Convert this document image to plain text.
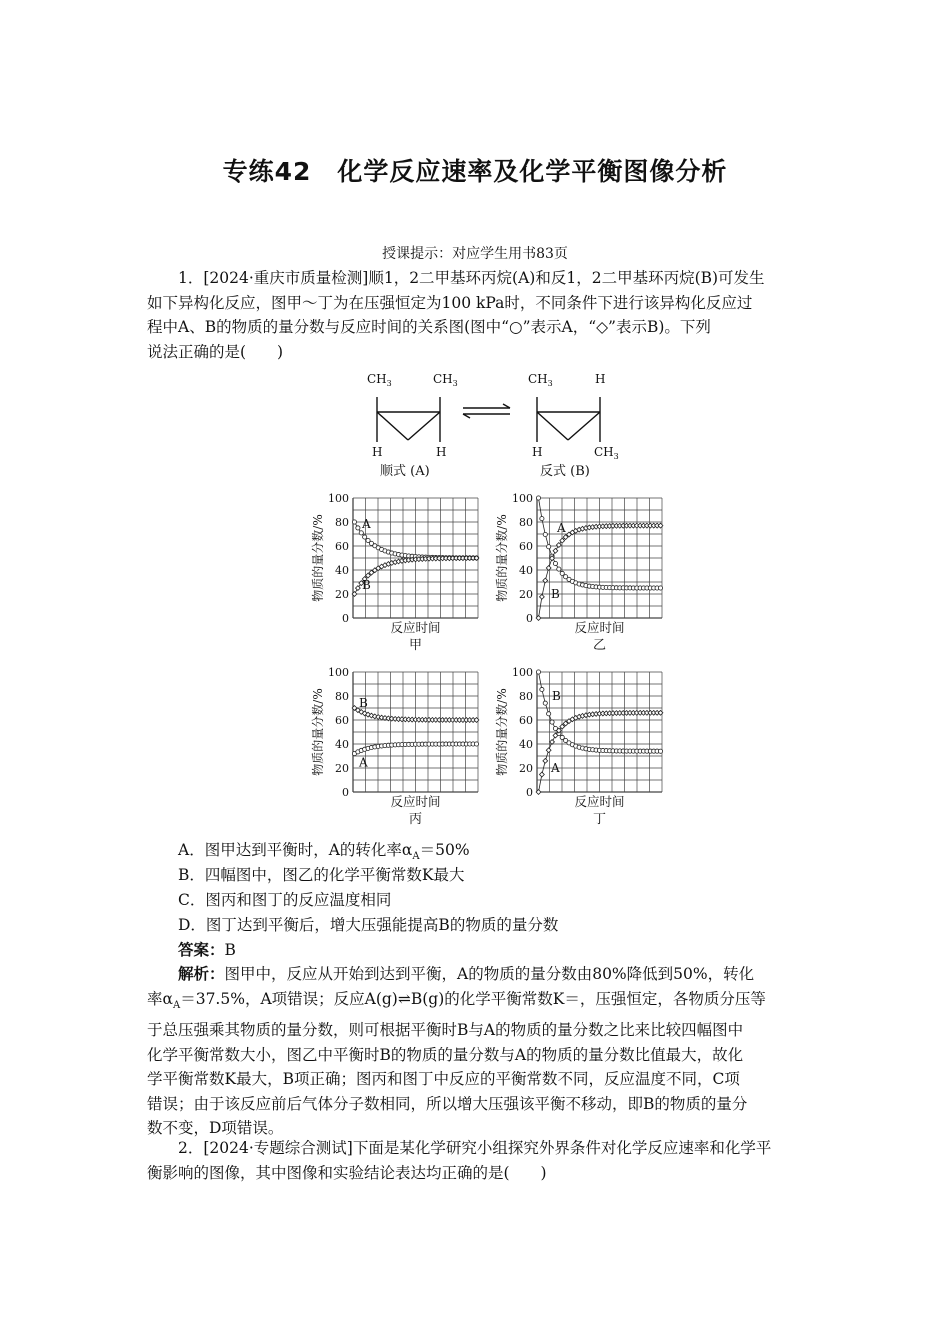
专练42　化学反应速率及化学平衡图像分析
授课提示：对应学生用书83页
1．[2024·重庆市质量检测]顺1，2二甲基环丙烷(A)和反1，2二甲基环丙烷(B)可发生
如下异构化反应，图甲～丁为在压强恒定为100 kPa时，不同条件下进行该异构化反应过
程中A、B的物质的量分数与反应时间的关系图(图中“○”表示A，“◇”表示B)。下列
说法正确的是(　　)
$CH_3$	$CH_3$
H	H
$CH_3$	H
H	$CH_3$
顺式 (A)	反式 (B)
0
20
40
60
80
100
物质的量分数/%
反应时间
甲
A
B
0
20
40
60
80
100
物质的量分数/%
反应时间
乙
A
B
0
20
40
60
80
100
物质的量分数/%
反应时间
丙
A
B
0
20
40
60
80
100
物质的量分数/%
反应时间
丁
A
B
A．图甲达到平衡时，A的转化率$\alpha_A=50\%$
B．四幅图中，图乙的化学平衡常数K最大
C．图丙和图丁的反应温度相同
D．图丁达到平衡后，增大压强能提高B的物质的量分数
答案：B
解析：图甲中，反应从开始到达到平衡，A的物质的量分数由80%降低到50%，转化
率$\alpha_A=37.5\%$，A项错误；反应A(g)⇌B(g)的化学平衡常数K＝，压强恒定，各物质分压等
于总压强乘其物质的量分数，则可根据平衡时B与A的物质的量分数之比来比较四幅图中
化学平衡常数大小，图乙中平衡时B的物质的量分数与A的物质的量分数比值最大，故化
学平衡常数K最大，B项正确；图丙和图丁中反应的平衡常数不同，反应温度不同，C项
错误；由于该反应前后气体分子数相同，所以增大压强该平衡不移动，即B的物质的量分
数不变，D项错误。
2．[2024·专题综合测试]下面是某化学研究小组探究外界条件对化学反应速率和化学平
衡影响的图像，其中图像和实验结论表达均正确的是(　　)
